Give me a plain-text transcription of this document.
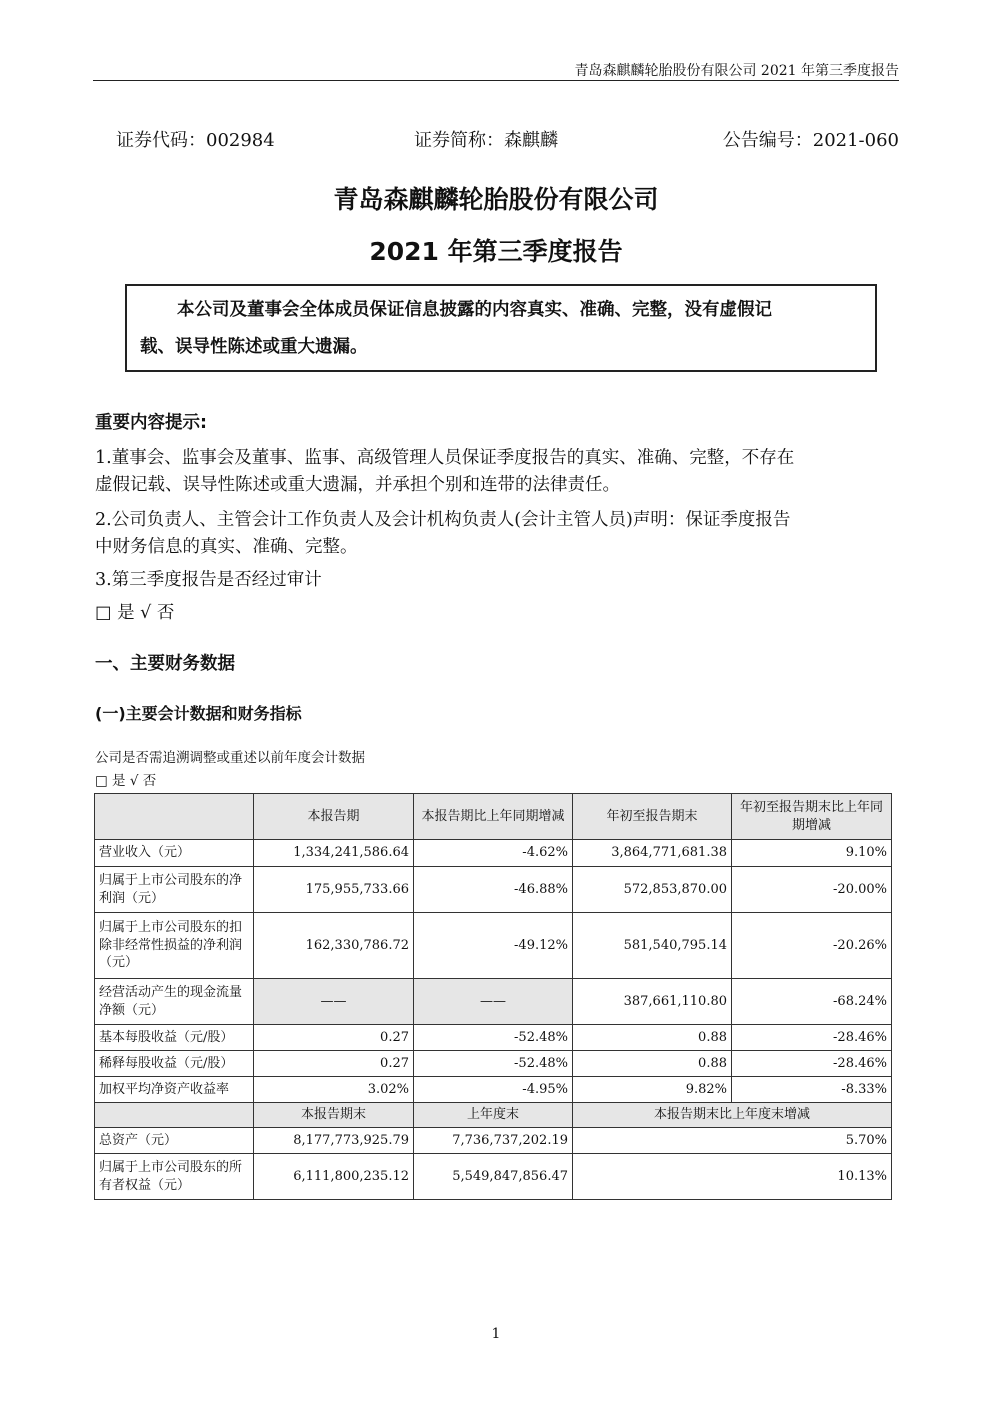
青岛森麒麟轮胎股份有限公司 2021 年第三季度报告
证券代码：002984	证券简称：森麒麟	公告编号：2021-060
青岛森麒麟轮胎股份有限公司
2021 年第三季度报告
本公司及董事会全体成员保证信息披露的内容真实、准确、完整，没有虚假记
载、误导性陈述或重大遗漏。
重要内容提示:
1.董事会、监事会及董事、监事、高级管理人员保证季度报告的真实、准确、完整，不存在
虚假记载、误导性陈述或重大遗漏，并承担个别和连带的法律责任。
2.公司负责人、主管会计工作负责人及会计机构负责人(会计主管人员)声明：保证季度报告
中财务信息的真实、准确、完整。
3.第三季度报告是否经过审计
□ 是 √ 否
一、主要财务数据
(一)主要会计数据和财务指标
公司是否需追溯调整或重述以前年度会计数据
□ 是 √ 否
	本报告期	本报告期比上年同期增减	年初至报告期末	年初至报告期末比上年同期增减
营业收入（元）	1,334,241,586.64	-4.62%	3,864,771,681.38	9.10%
归属于上市公司股东的净利润（元）	175,955,733.66	-46.88%	572,853,870.00	-20.00%
归属于上市公司股东的扣除非经常性损益的净利润（元）	162,330,786.72	-49.12%	581,540,795.14	-20.26%
经营活动产生的现金流量净额（元）	——	——	387,661,110.80	-68.24%
基本每股收益（元/股）	0.27	-52.48%	0.88	-28.46%
稀释每股收益（元/股）	0.27	-52.48%	0.88	-28.46%
加权平均净资产收益率	3.02%	-4.95%	9.82%	-8.33%
	本报告期末	上年度末	本报告期末比上年度末增减	
总资产（元）	8,177,773,925.79	7,736,737,202.19	5.70%	
归属于上市公司股东的所有者权益（元）	6,111,800,235.12	5,549,847,856.47	10.13%	
1
